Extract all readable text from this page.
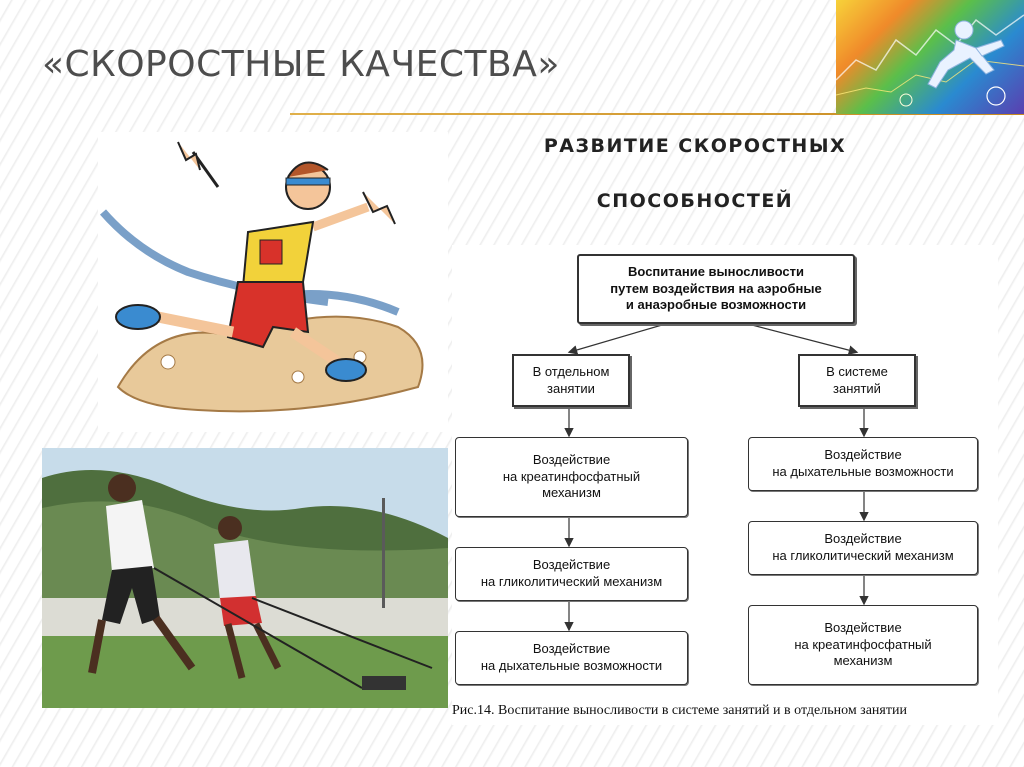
«СКОРОСТНЫЕ КАЧЕСТВА»
РАЗВИТИЕ СКОРОСТНЫХ
СПОСОБНОСТЕЙ
Воспитание выносливости
путем воздействия на аэробные
и анаэробные возможности
В отдельном
занятии
В системе
занятий
Воздействие
на креатинфосфатный
механизм
Воздействие
на гликолитический механизм
Воздействие
на дыхательные возможности
Воздействие
на дыхательные возможности
Воздействие
на гликолитический механизм
Воздействие
на креатинфосфатный
механизм
Рис.14. Воспитание выносливости в системе занятий и в отдельном занятии
